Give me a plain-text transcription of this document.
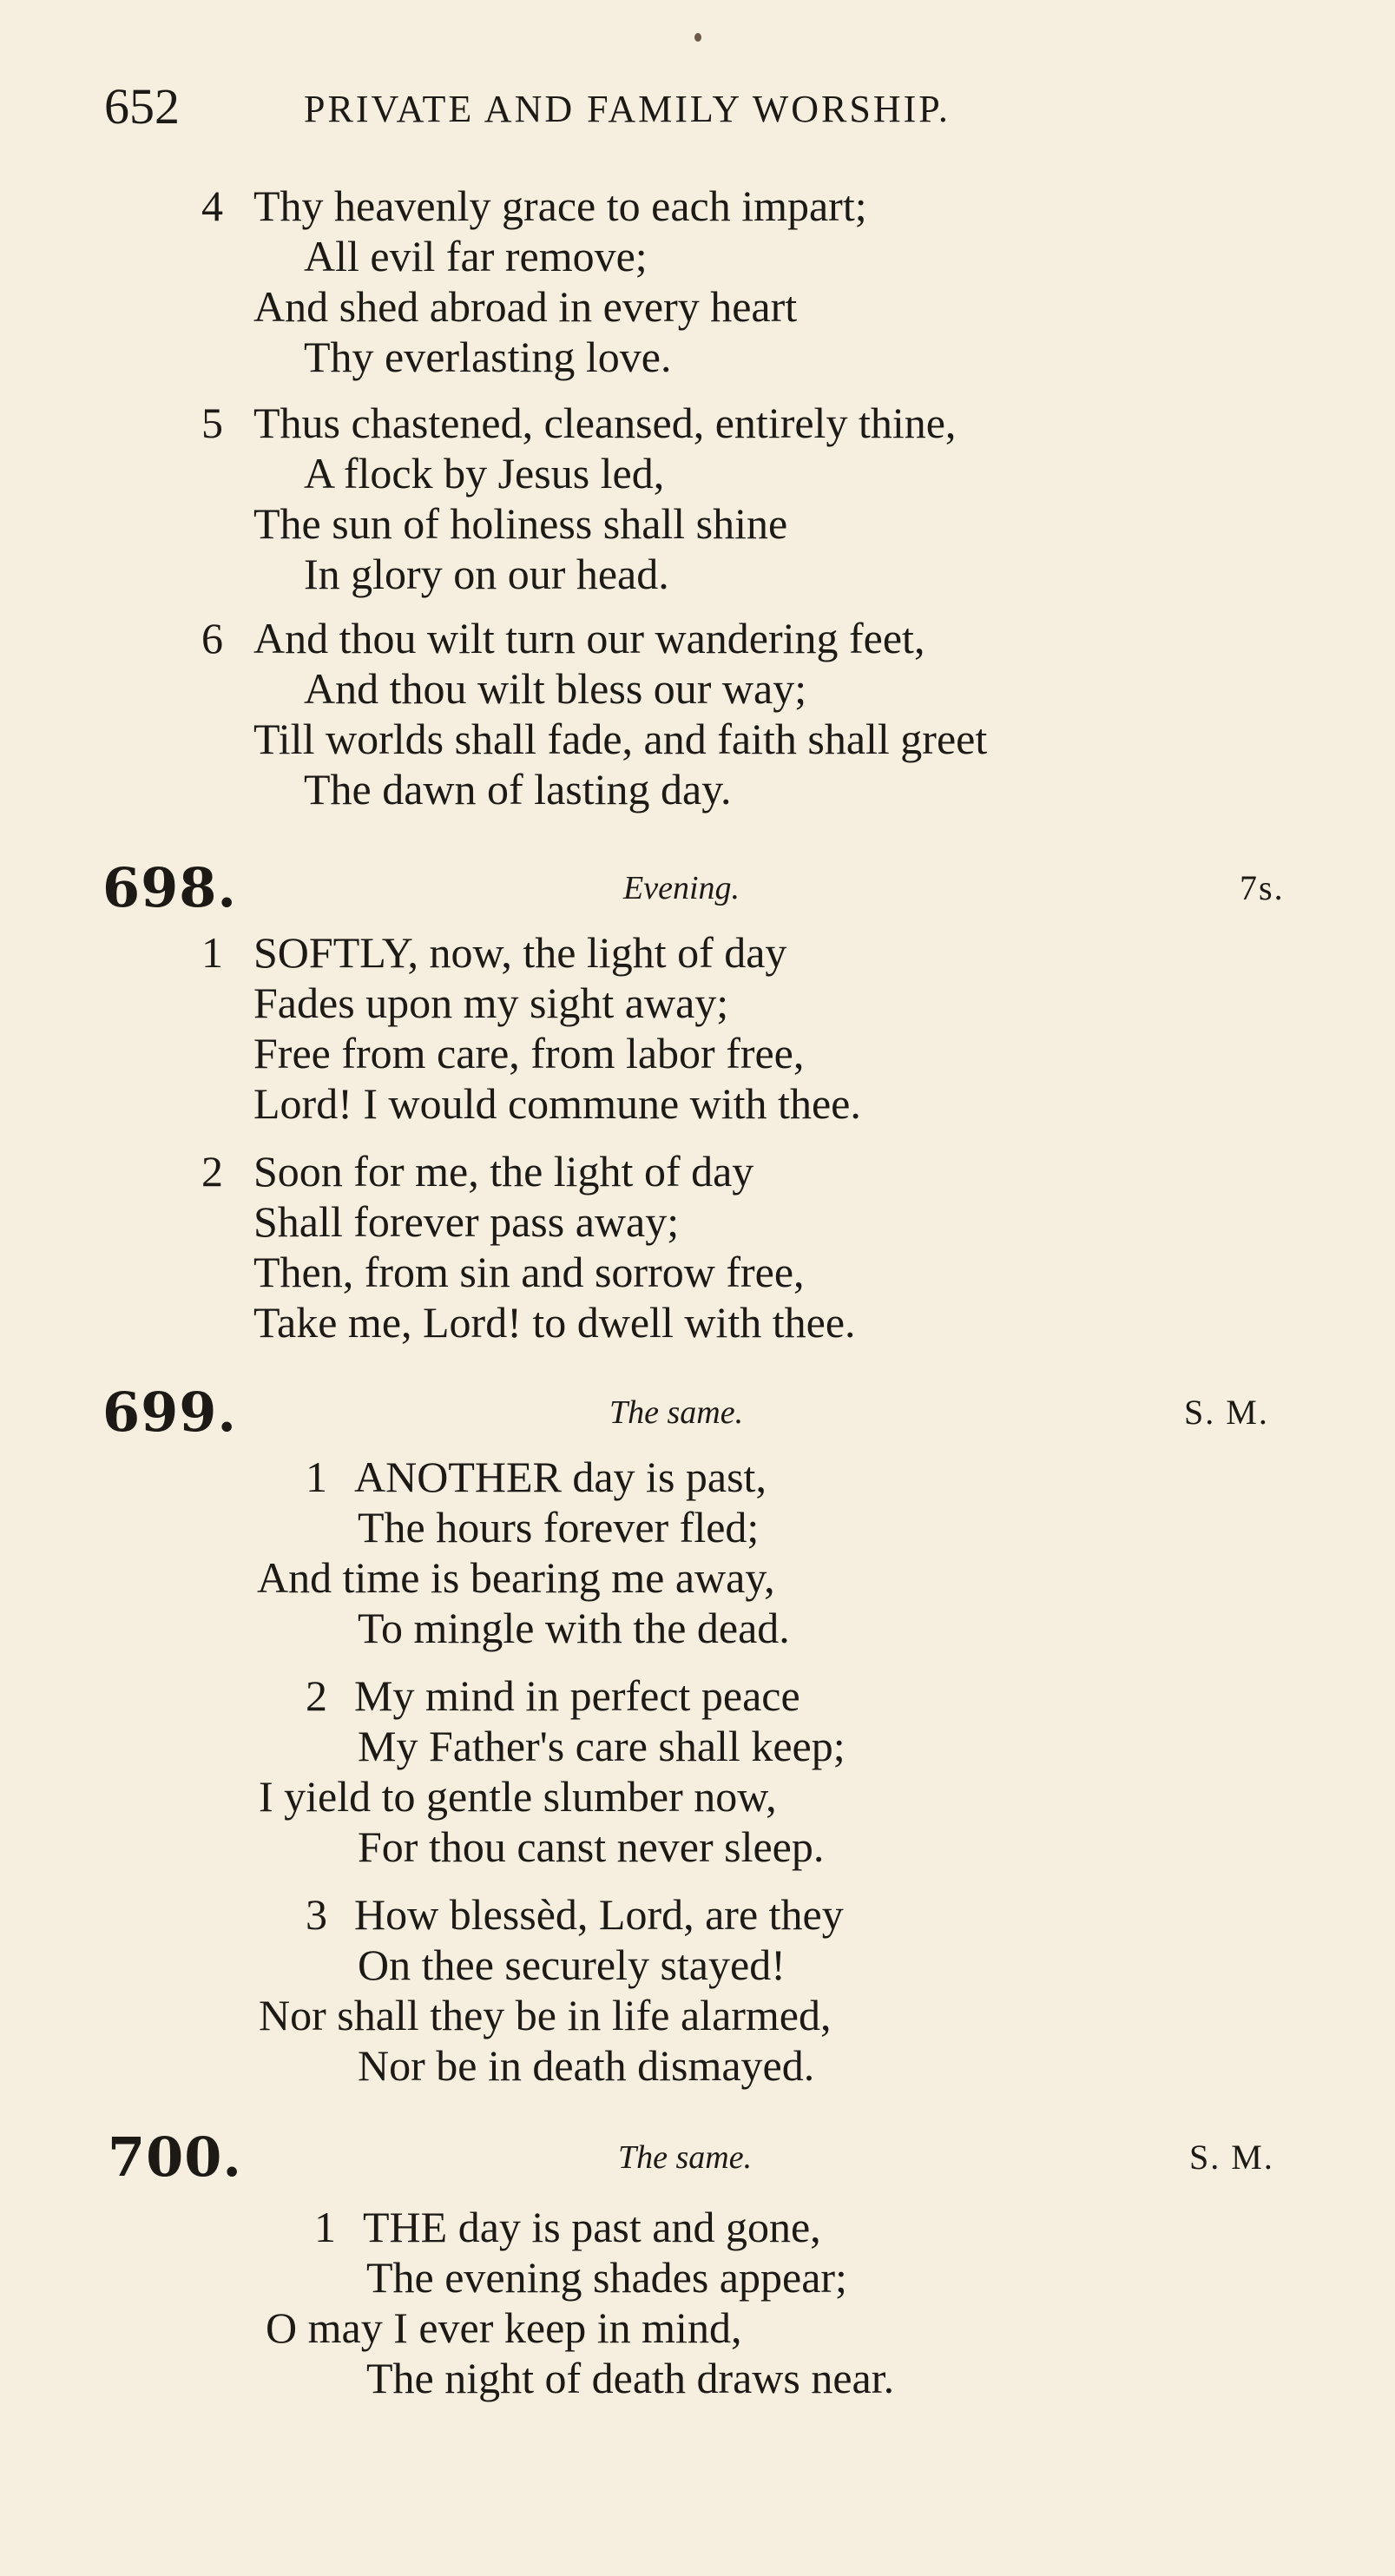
652	PRIVATE AND FAMILY WORSHIP.
4 Thy heavenly grace to each impart;
All evil far remove;
And shed abroad in every heart
Thy everlasting love.
5 Thus chastened, cleansed, entirely thine,
A flock by Jesus led,
The sun of holiness shall shine
In glory on our head.
6 And thou wilt turn our wandering feet,
And thou wilt bless our way;
Till worlds shall fade, and faith shall greet
The dawn of lasting day.
698.	Evening.	7s.
1 SOFTLY, now, the light of day
Fades upon my sight away;
Free from care, from labor free,
Lord! I would commune with thee.
2 Soon for me, the light of day
Shall forever pass away;
Then, from sin and sorrow free,
Take me, Lord! to dwell with thee.
699.	The same.	S. M.
1 ANOTHER day is past,
The hours forever fled;
And time is bearing me away,
To mingle with the dead.
2 My mind in perfect peace
My Father's care shall keep;
I yield to gentle slumber now,
For thou canst never sleep.
3 How blessèd, Lord, are they
On thee securely stayed!
Nor shall they be in life alarmed,
Nor be in death dismayed.
700.	The same.	S. M.
1 THE day is past and gone,
The evening shades appear;
O may I ever keep in mind,
The night of death draws near.
